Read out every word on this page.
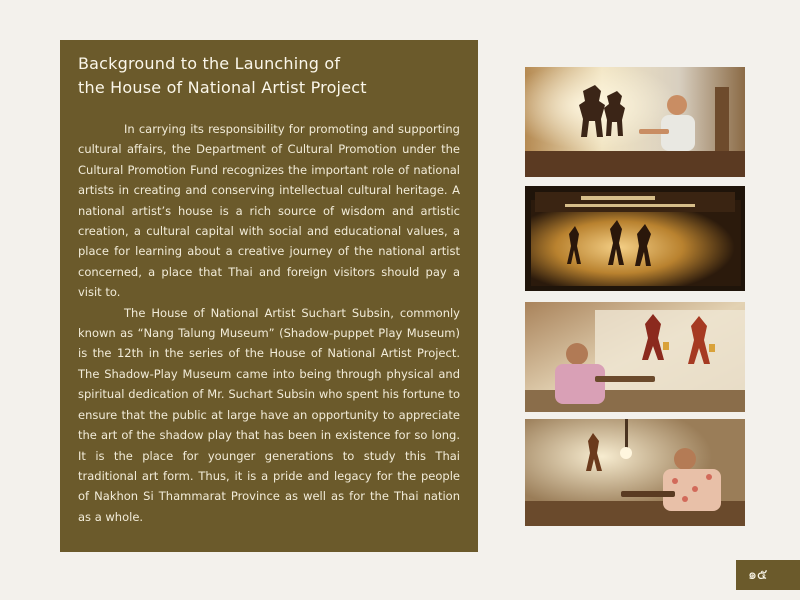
Background to the Launching of
the House of National Artist Project

In carrying its responsibility for promoting and supporting cultural affairs, the Department of Cultural Promotion under the Cultural Promotion Fund recognizes the important role of national artists in creating and conserving intellectual cultural heritage. A national artist’s house is a rich source of wisdom and artistic creation, a cultural capital with social and educational values, a place for learning about a creative journey of the national artist concerned, a place that Thai and foreign visitors should pay a visit to.

The House of National Artist Suchart Subsin, commonly known as “Nang Talung Museum” (Shadow-puppet Play Museum) is the 12th in the series of the House of National Artist Project. The Shadow-Play Museum came into being through physical and spiritual dedication of Mr. Suchart Subsin who spent his fortune to ensure that the public at large have an opportunity to appreciate the art of the shadow play that has been in existence for so long. It is the place for younger generations to study this Thai traditional art form. Thus, it is a pride and legacy for the people of Nakhon Si Thammarat Province as well as for the Thai nation as a whole.

๑๕
